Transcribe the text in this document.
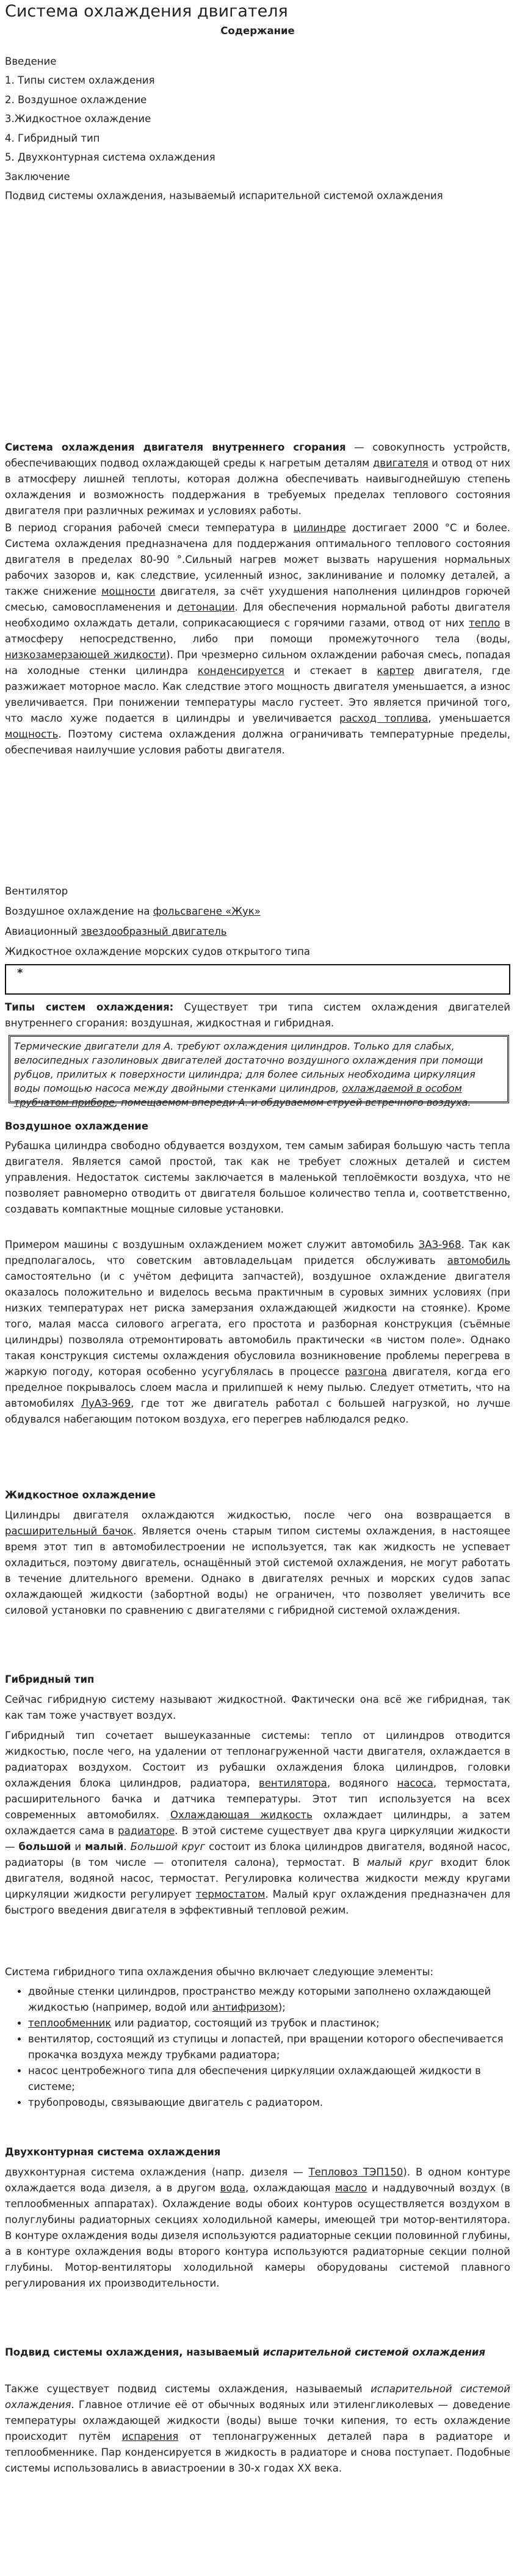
Система охлаждения двигателя
Содержание
Введение
1. Типы систем охлаждения
2. Воздушное охлаждение
3.Жидкостное охлаждение
4. Гибридный тип
5. Двухконтурная система охлаждения
Заключение
Подвид системы охлаждения, называемый испарительной системой охлаждения

Система охлаждения двигателя внутреннего сгорания — совокупность устройств, обеспечивающих подвод охлаждающей среды к нагретым деталям двигателя и отвод от них в атмосферу лишней теплоты, которая должна обеспечивать наивыгоднейшую степень охлаждения и возможность поддержания в требуемых пределах теплового состояния двигателя при различных режимах и условиях работы.

В период сгорания рабочей смеси температура в цилиндре достигает 2000 °C и более. Система охлаждения предназначена для поддержания оптимального теплового состояния двигателя в пределах 80-90 °.Сильный нагрев может вызвать нарушения нормальных рабочих зазоров и, как следствие, усиленный износ, заклинивание и поломку деталей, а также снижение мощности двигателя, за счёт ухудшения наполнения цилиндров горючей смесью, самовоспламенения и детонации. Для обеспечения нормальной работы двигателя необходимо охлаждать детали, соприкасающиеся с горячими газами, отвод от них тепло в атмосферу непосредственно, либо при помощи промежуточного тела (воды, низкозамерзающей жидкости). При чрезмерно сильном охлаждении рабочая смесь, попадая на холодные стенки цилиндра конденсируется и стекает в картер двигателя, где разжижает моторное масло. Как следствие этого мощность двигателя уменьшается, а износ увеличивается. При понижении температуры масло густеет. Это является причиной того, что масло хуже подается в цилиндры и увеличивается расход топлива, уменьшается мощность. Поэтому система охлаждения должна ограничивать температурные пределы, обеспечивая наилучшие условия работы двигателя.

Вентилятор
Воздушное охлаждение на фольсвагене «Жук»
Авиационный звездообразный двигатель
Жидкостное охлаждение морских судов открытого типа
*

Типы систем охлаждения: Существует три типа систем охлаждения двигателей внутреннего сгорания: воздушная, жидкостная и гибридная.

Термические двигатели для А. требуют охлаждения цилиндров. Только для слабых, велосипедных газолиновых двигателей достаточно воздушного охлаждения при помощи рубцов, прилитых к поверхности цилиндра; для более сильных необходима циркуляция воды помощью насоса между двойными стенками цилиндров, охлаждаемой в особом трубчатом приборе, помещаемом впереди А. и обдуваемом струей встречного воздуха.
Воздушное охлаждение

Рубашка цилиндра свободно обдувается воздухом, тем самым забирая большую часть тепла двигателя. Является самой простой, так как не требует сложных деталей и систем управления. Недостаток системы заключается в маленькой теплоёмкости воздуха, что не позволяет равномерно отводить от двигателя большое количество тепла и, соответственно, создавать компактные мощные силовые установки.

Примером машины с воздушным охлаждением может служит автомобиль ЗАЗ-968. Так как предполагалось, что советским автовладельцам придется обслуживать автомобиль самостоятельно (и с учётом дефицита запчастей), воздушное охлаждение двигателя оказалось положительно и виделось весьма практичным в суровых зимних условиях (при низких температурах нет риска замерзания охлаждающей жидкости на стоянке). Кроме того, малая масса силового агрегата, его простота и разборная конструкция (съёмные цилиндры) позволяла отремонтировать автомобиль практически «в чистом поле». Однако такая конструкция системы охлаждения обусловила возникновение проблемы перегрева в жаркую погоду, которая особенно усугублялась в процессе разгона двигателя, когда его пределное покрывалось слоем масла и прилипшей к нему пылью. Следует отметить, что на автомобилях ЛуАЗ-969, где тот же двигатель работал с большей нагрузкой, но лучше обдувался набегающим потоком воздуха, его перегрев наблюдался редко.

Жидкостное охлаждение

Цилиндры двигателя охлаждаются жидкостью, после чего она возвращается в расширительный бачок. Является очень старым типом системы охлаждения, в настоящее время этот тип в автомобилестроении не используется, так как жидкость не успевает охладиться, поэтому двигатель, оснащённый этой системой охлаждения, не могут работать в течение длительного времени. Однако в двигателях речных и морских судов запас охлаждающей жидкости (забортной воды) не ограничен, что позволяет увеличить все силовой установки по сравнению с двигателями с гибридной системой охлаждения.

Гибридный тип

Сейчас гибридную систему называют жидкостной. Фактически она всё же гибридная, так как там тоже участвует воздух.

Гибридный тип сочетает вышеуказанные системы: тепло от цилиндров отводится жидкостью, после чего, на удалении от теплонагруженной части двигателя, охлаждается в радиаторах воздухом. Состоит из рубашки охлаждения блока цилиндров, головки охлаждения блока цилиндров, радиатора, вентилятора, водяного насоса, термостата, расширительного бачка и датчика температуры. Этот тип используется на всех современных автомобилях. Охлаждающая жидкость охлаждает цилиндры, а затем охлаждается сама в радиаторе. В этой системе существует два круга циркуляции жидкости — большой и малый. Большой круг состоит из блока цилиндров двигателя, водяной насос, радиаторы (в том числе — отопителя салона), термостат. В малый круг входит блок двигателя, водяной насос, термостат. Регулировка количества жидкости между кругами циркуляции жидкости регулирует термостатом. Малый круг охлаждения предназначен для быстрого введения двигателя в эффективный тепловой режим.

Система гибридного типа охлаждения обычно включает следующие элементы:

• двойные стенки цилиндров, пространство между которыми заполнено охлаждающей жидкостью (например, водой или антифризом);
• теплообменник или радиатор, состоящий из трубок и пластинок;
• вентилятор, состоящий из ступицы и лопастей, при вращении которого обеспечивается прокачка воздуха между трубками радиатора;
• насос центробежного типа для обеспечения циркуляции охлаждающей жидкости в системе;
• трубопроводы, связывающие двигатель с радиатором.
Двухконтурная система охлаждения

двухконтурная система охлаждения (напр. дизеля — Тепловоз ТЭП150). В одном контуре охлаждается вода дизеля, а в другом вода, охлаждающая масло и наддувочный воздух (в теплообменных аппаратах). Охлаждение воды обоих контуров осуществляется воздухом в полуглубины радиаторных секциях холодильной камеры, имеющей три мотор-вентилятора. В контуре охлаждения воды дизеля используются радиаторные секции половинной глубины, а в контуре охлаждения воды второго контура используются радиаторные секции полной глубины. Мотор-вентиляторы холодильной камеры оборудованы системой плавного регулирования их производительности.

Подвид системы охлаждения, называемый испарительной системой охлаждения

Также существует подвид системы охлаждения, называемый испарительной системой охлаждения. Главное отличие её от обычных водяных или этиленгликолевых — доведение температуры охлаждающей жидкости (воды) выше точки кипения, то есть охлаждение происходит путём испарения от теплонагруженных деталей пара в радиаторе и теплообменнике. Пар конденсируется в жидкость в радиаторе и снова поступает. Подобные системы использовались в авиастроении в 30-х годах XX века.
